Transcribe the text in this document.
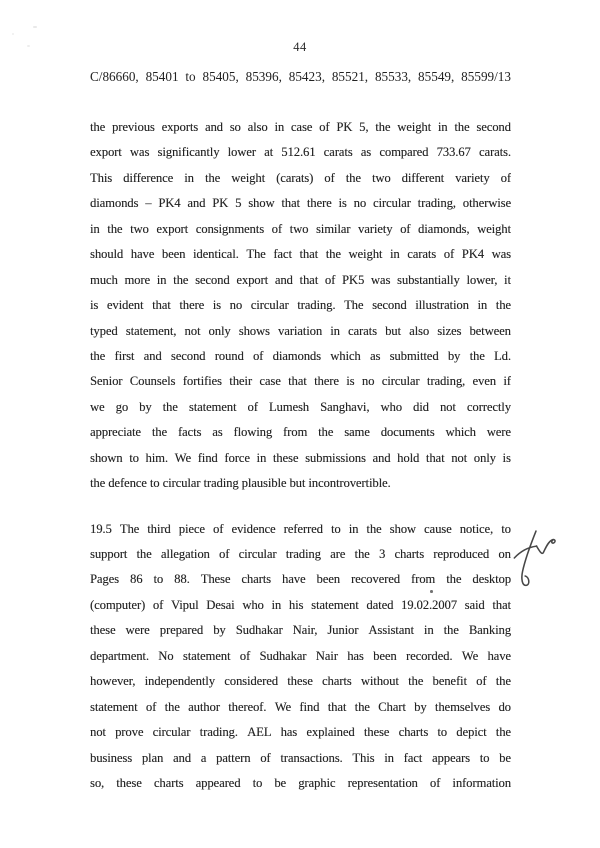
44
C/86660, 85401 to 85405, 85396, 85423, 85521, 85533, 85549, 85599/13
the previous exports and so also in case of PK 5, the weight in the second
export was significantly lower at 512.61 carats as compared 733.67 carats.
This difference in the weight (carats) of the two different variety of
diamonds – PK4 and PK 5 show that there is no circular trading, otherwise
in the two export consignments of two similar variety of diamonds, weight
should have been identical. The fact that the weight in carats of PK4 was
much more in the second export and that of PK5 was substantially lower, it
is evident that there is no circular trading. The second illustration in the
typed statement, not only shows variation in carats but also sizes between
the first and second round of diamonds which as submitted by the Ld.
Senior Counsels fortifies their case that there is no circular trading, even if
we go by the statement of Lumesh Sanghavi, who did not correctly
appreciate the facts as flowing from the same documents which were
shown to him. We find force in these submissions and hold that not only is
the defence to circular trading plausible but incontrovertible.
19.5 The third piece of evidence referred to in the show cause notice, to
support the allegation of circular trading are the 3 charts reproduced on
Pages 86 to 88. These charts have been recovered from the desktop
(computer) of Vipul Desai who in his statement dated 19.02.2007 said that
these were prepared by Sudhakar Nair, Junior Assistant in the Banking
department. No statement of Sudhakar Nair has been recorded. We have
however, independently considered these charts without the benefit of the
statement of the author thereof. We find that the Chart by themselves do
not prove circular trading. AEL has explained these charts to depict the
business plan and a pattern of transactions. This in fact appears to be
so, these charts appeared to be graphic representation of information
